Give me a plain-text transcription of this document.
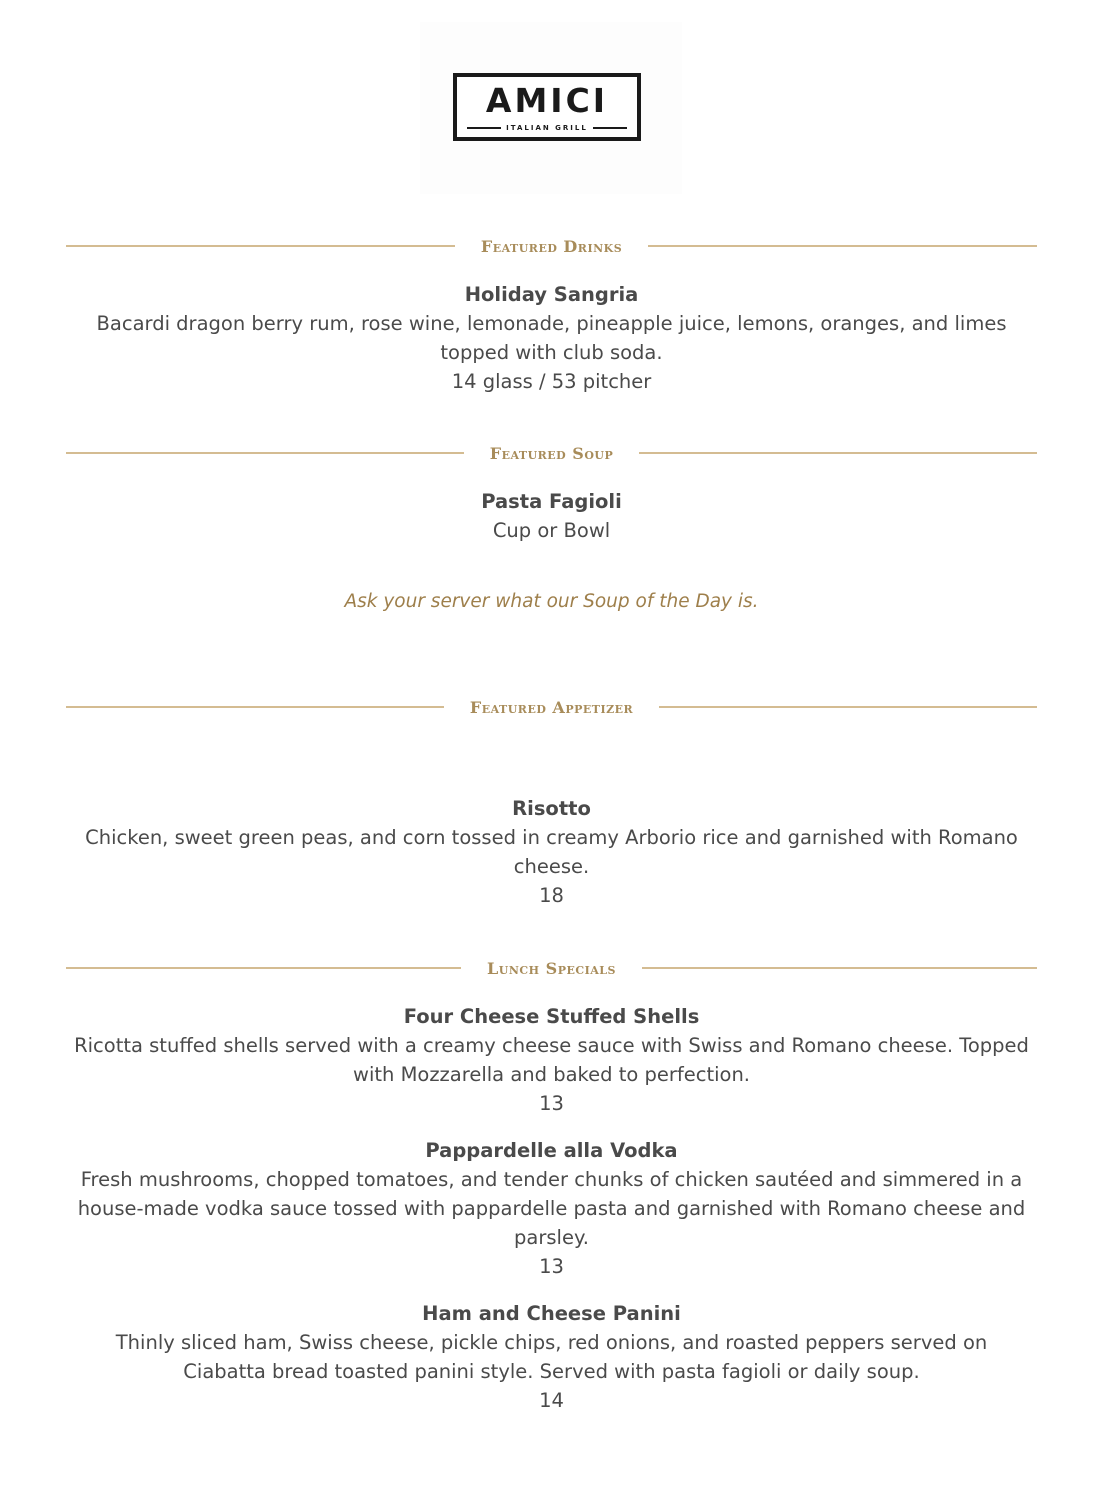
AMICI
ITALIAN GRILL
Featured Drinks
Holiday Sangria
Bacardi dragon berry rum, rose wine, lemonade, pineapple juice, lemons, oranges, and limes topped with club soda.
14 glass / 53 pitcher
Featured Soup
Pasta Fagioli
Cup or Bowl
Ask your server what our Soup of the Day is.
Featured Appetizer
Risotto
Chicken, sweet green peas, and corn tossed in creamy Arborio rice and garnished with Romano cheese.
18
Lunch Specials
Four Cheese Stuffed Shells
Ricotta stuffed shells served with a creamy cheese sauce with Swiss and Romano cheese. Topped with Mozzarella and baked to perfection.
13
Pappardelle alla Vodka
Fresh mushrooms, chopped tomatoes, and tender chunks of chicken sautéed and simmered in a house-made vodka sauce tossed with pappardelle pasta and garnished with Romano cheese and parsley.
13
Ham and Cheese Panini
Thinly sliced ham, Swiss cheese, pickle chips, red onions, and roasted peppers served on Ciabatta bread toasted panini style. Served with pasta fagioli or daily soup.
14
